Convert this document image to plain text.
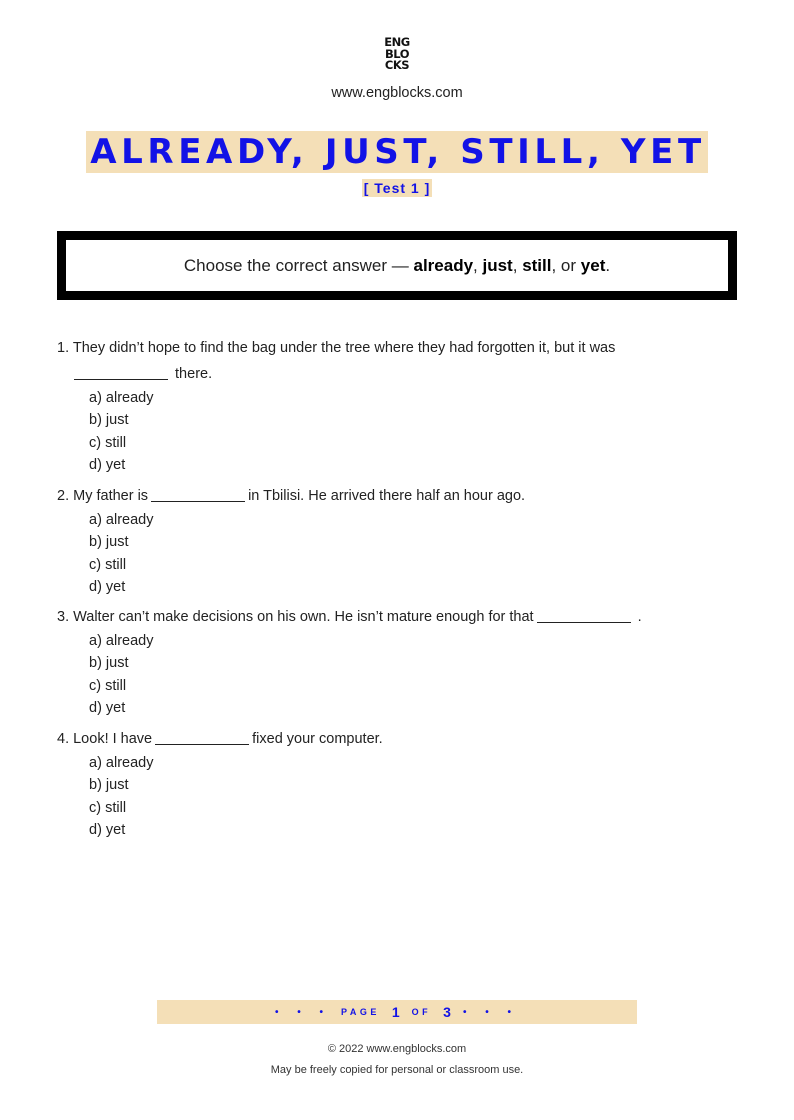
ENG
BLO
CKS
www.engblocks.com
ALREADY, JUST, STILL, YET
[ Test 1 ]
Choose the correct answer — already, just, still, or yet.
1. They didn’t hope to find the bag under the tree where they had forgotten it, but it was
there.
a) already
b) just
c) still
d) yet
2. My father is	in Tbilisi. He arrived there half an hour ago.
a) already
b) just
c) still
d) yet
3. Walter can’t make decisions on his own. He isn’t mature enough for that	.
a) already
b) just
c) still
d) yet
4. Look! I have	fixed your computer.
a) already
b) just
c) still
d) yet
• • • PAGE 1 OF 3 • • •
© 2022 www.engblocks.com
May be freely copied for personal or classroom use.
